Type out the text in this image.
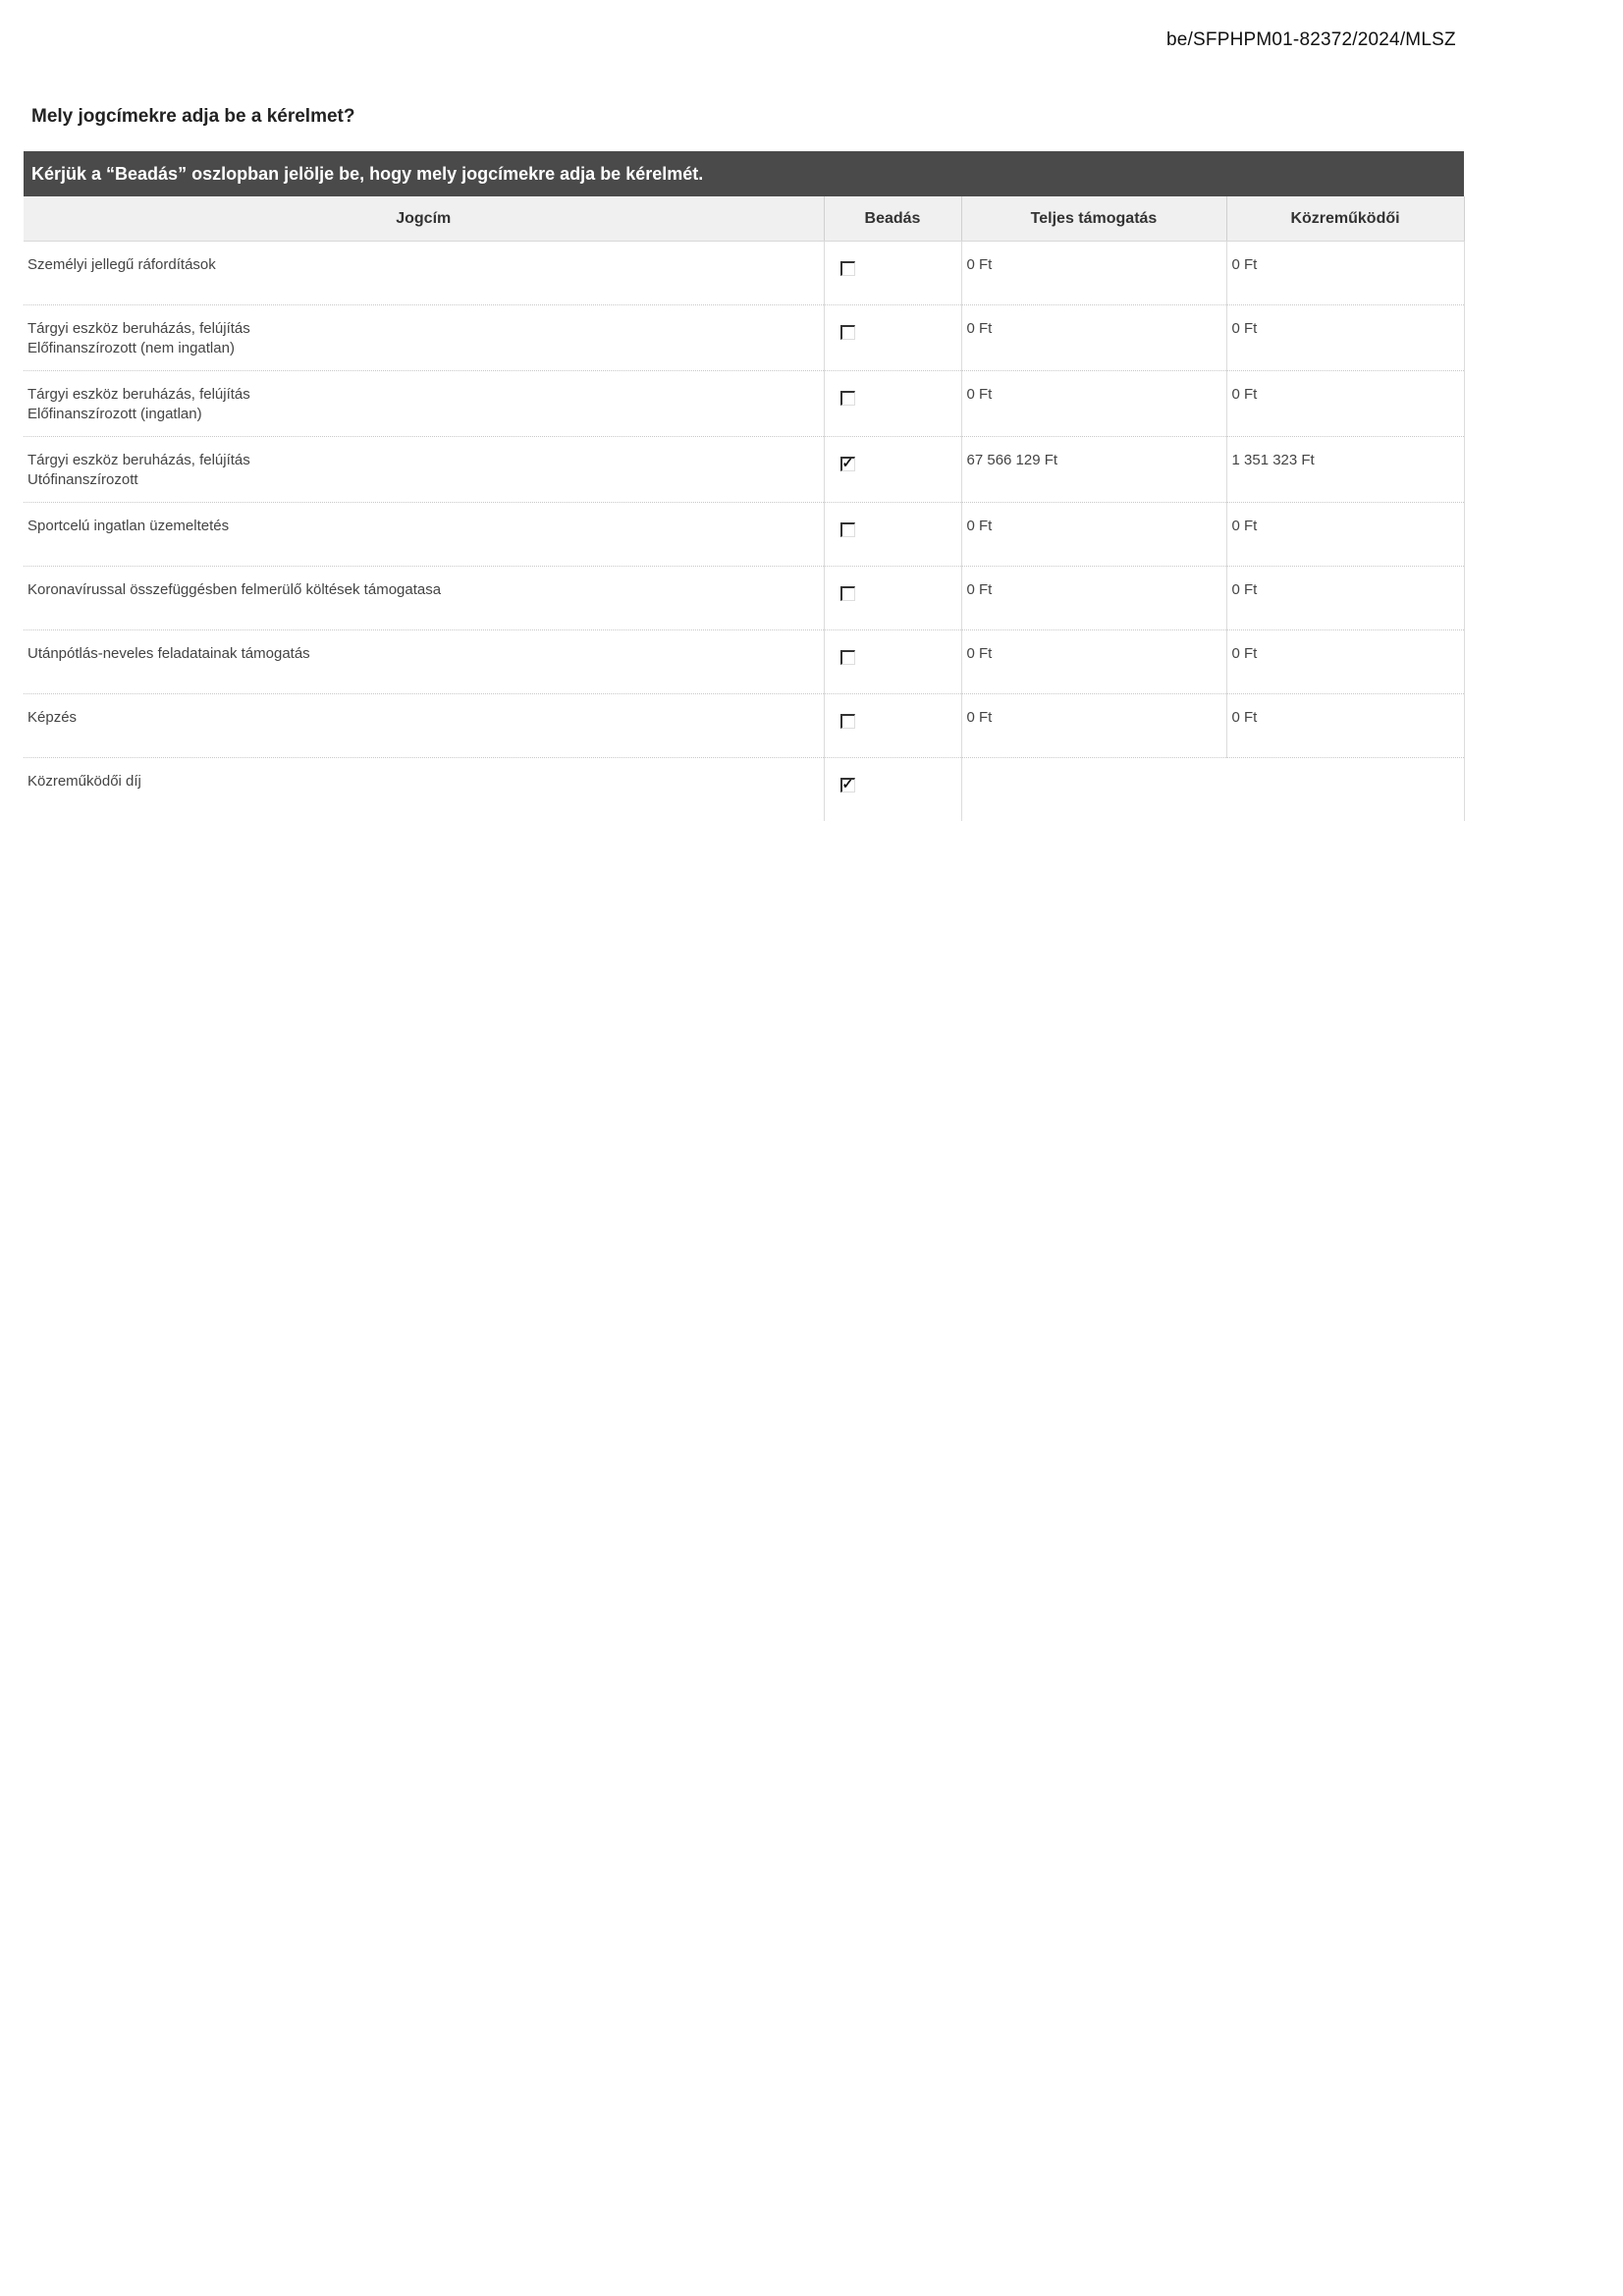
be/SFPHPM01-82372/2024/MLSZ
Mely jogcímekre adja be a kérelmet?
Kérjük a “Beadás” oszlopban jelölje be, hogy mely jogcímekre adja be kérelmét.
Jogcím	Beadás	Teljes támogatás	Közreműködői

Személyi jellegű ráfordítások		0 Ft	0 Ft

Tárgyi eszköz beruházás, felújítás
Előfinanszírozott (nem ingatlan)		0 Ft	0 Ft

Tárgyi eszköz beruházás, felújítás
Előfinanszírozott (ingatlan)		0 Ft	0 Ft

Tárgyi eszköz beruházás, felújítás
Utófinanszírozott	✓	67 566 129 Ft	1 351 323 Ft

Sportcelú ingatlan üzemeltetés		0 Ft	0 Ft

Koronavírussal összefüggésben felmerülő költések támogatasa		0 Ft	0 Ft

Utánpótlás-neveles feladatainak támogatás		0 Ft	0 Ft

Képzés		0 Ft	0 Ft

Közreműködői díj	✓		
